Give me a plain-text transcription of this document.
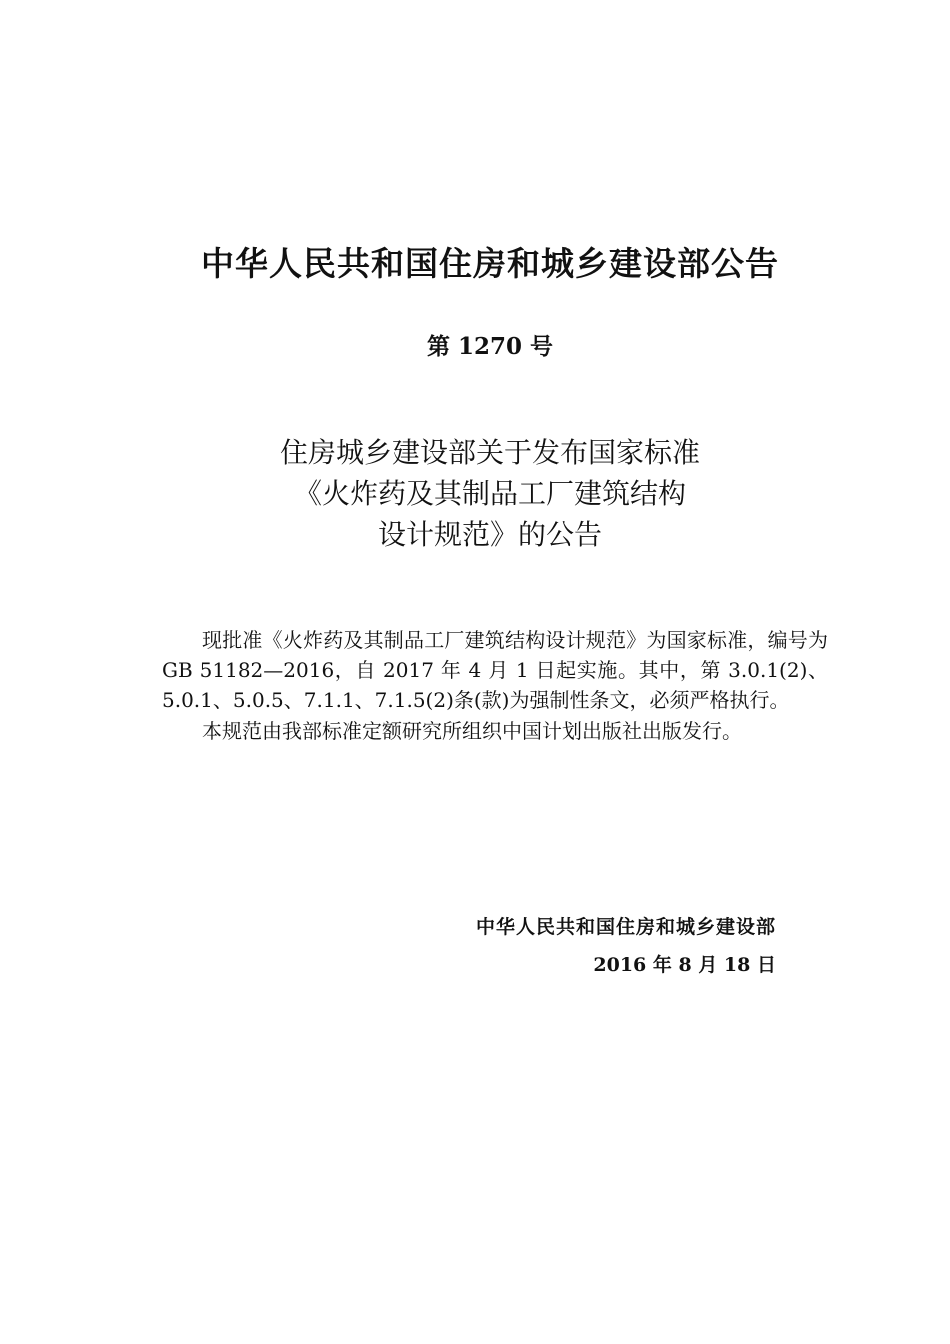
中华人民共和国住房和城乡建设部公告
第 1270 号
住房城乡建设部关于发布国家标准
《火炸药及其制品工厂建筑结构
设计规范》的公告

现批准《火炸药及其制品工厂建筑结构设计规范》为国家标准，编号为 GB 51182—2016，自 2017 年 4 月 1 日起实施。其中，第 3.0.1(2)、5.0.1、5.0.5、7.1.1、7.1.5(2)条(款)为强制性条文，必须严格执行。

本规范由我部标准定额研究所组织中国计划出版社出版发行。

中华人民共和国住房和城乡建设部
2016 年 8 月 18 日
